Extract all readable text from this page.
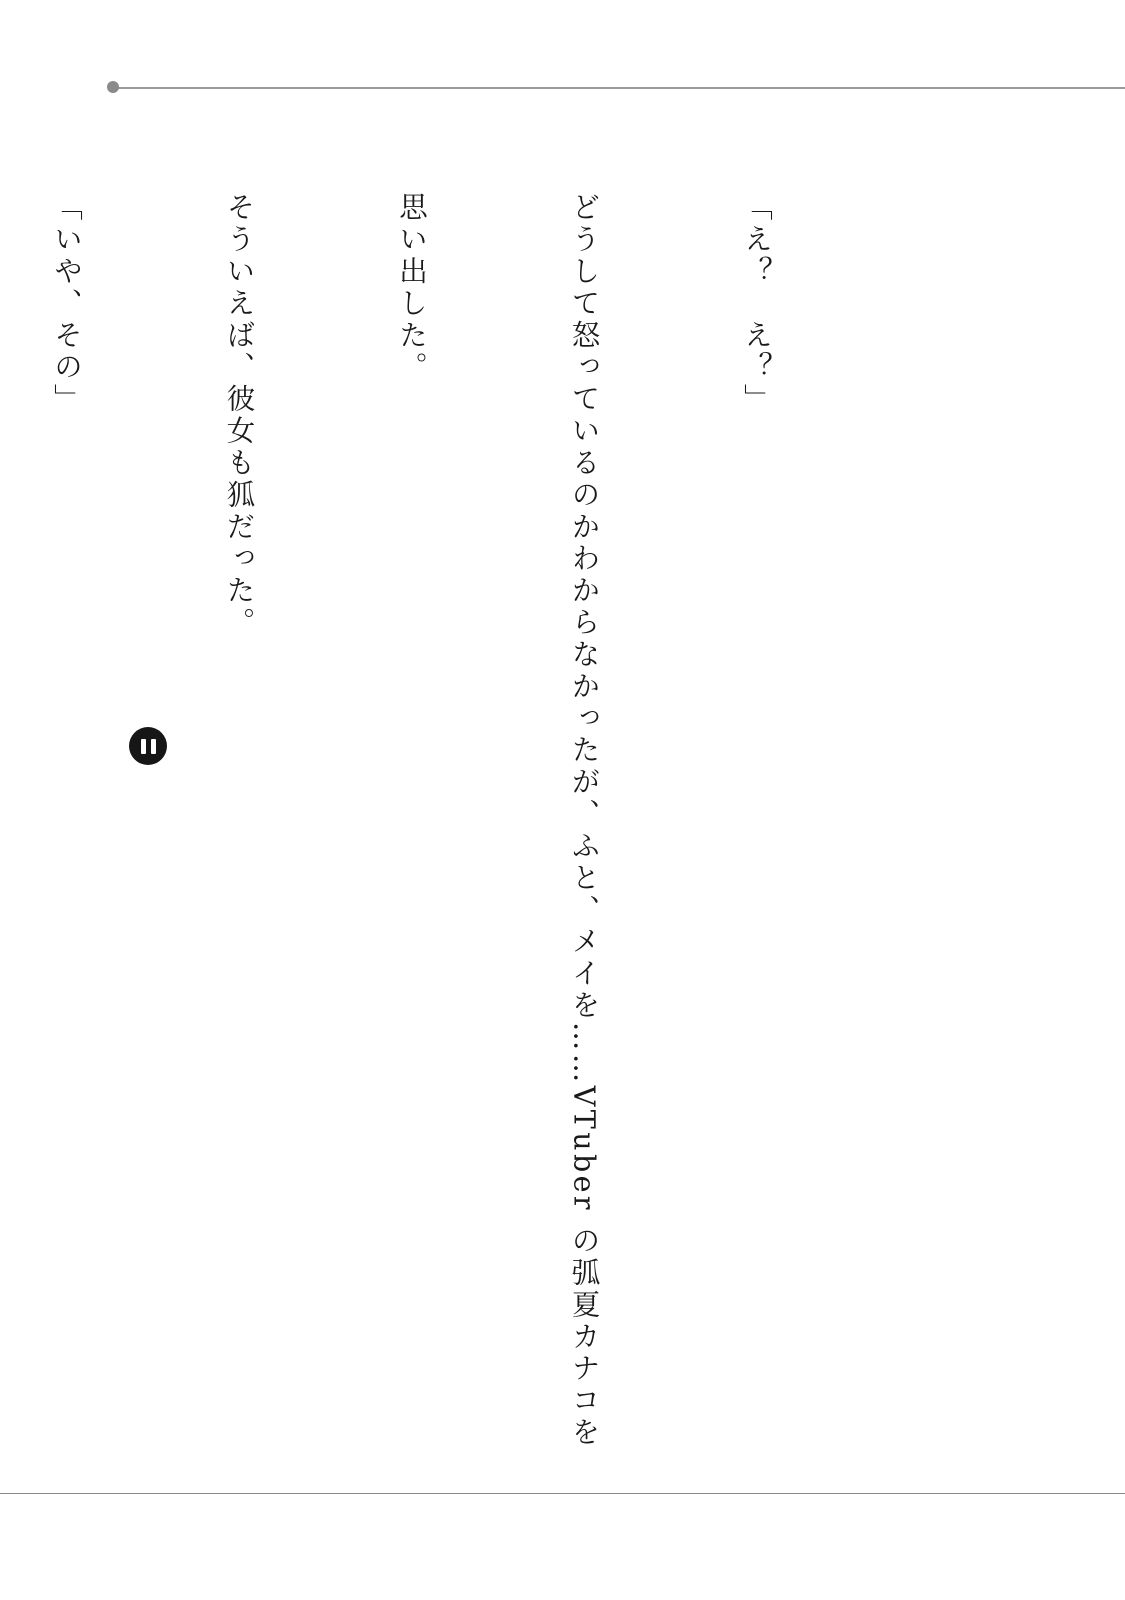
「え？　え？」

どうして怒っているのかわからなかったが、ふと、メイを……VTuber の弧夏カナコを

思い出した。

そういえば、彼女も狐だった。

「いや、その」
